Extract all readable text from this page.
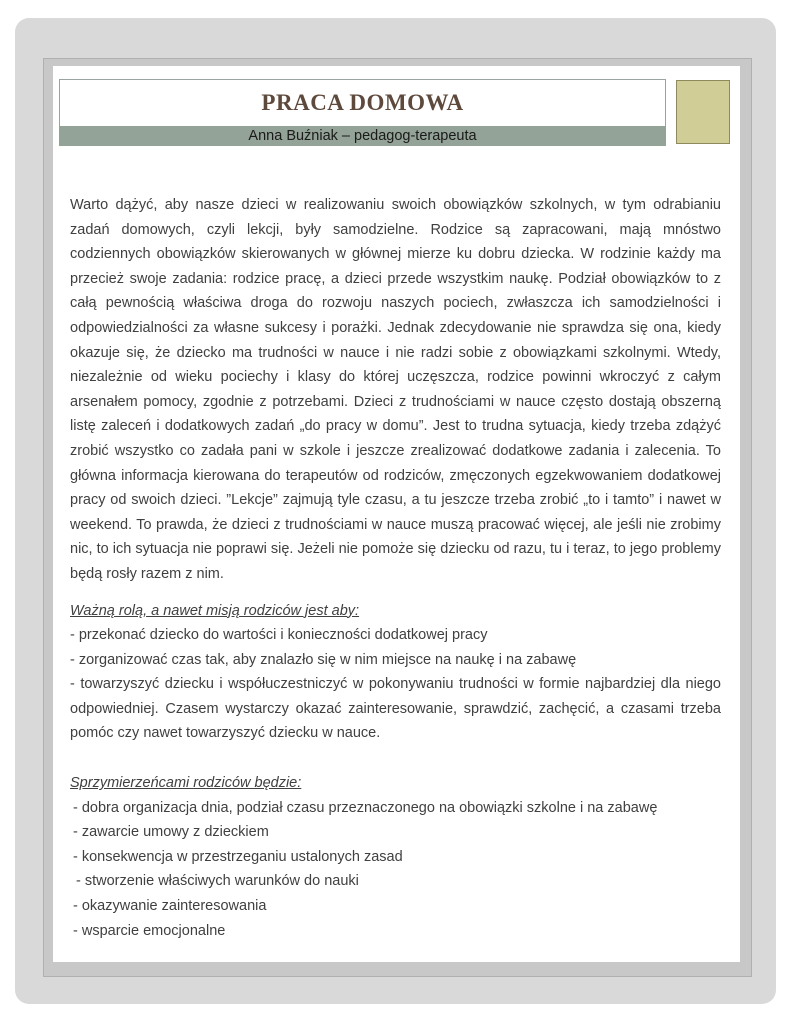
PRACA DOMOWA
Anna Buźniak – pedagog-terapeuta

Warto dążyć, aby nasze dzieci w realizowaniu swoich obowiązków szkolnych, w tym odrabianiu zadań domowych, czyli lekcji, były samodzielne. Rodzice są zapracowani, mają mnóstwo codziennych obowiązków skierowanych w głównej mierze ku dobru dziecka. W rodzinie każdy ma przecież swoje zadania: rodzice pracę, a dzieci przede wszystkim naukę. Podział obowiązków to z całą pewnością właściwa droga do rozwoju naszych pociech, zwłaszcza ich samodzielności i odpowiedzialności za własne sukcesy i porażki. Jednak zdecydowanie nie sprawdza się ona, kiedy okazuje się, że dziecko ma trudności w nauce i nie radzi sobie z obowiązkami szkolnymi. Wtedy, niezależnie od wieku pociechy i klasy do której uczęszcza, rodzice powinni wkroczyć z całym arsenałem pomocy, zgodnie z potrzebami. Dzieci z trudnościami w nauce często dostają obszerną listę zaleceń i dodatkowych zadań „do pracy w domu”. Jest to trudna sytuacja, kiedy trzeba zdążyć zrobić wszystko co zadała pani w szkole i jeszcze zrealizować dodatkowe zadania i zalecenia. To główna informacja kierowana do terapeutów od rodziców, zmęczonych egzekwowaniem dodatkowej pracy od swoich dzieci. ”Lekcje” zajmują tyle czasu, a tu jeszcze trzeba zrobić „to i tamto” i nawet w weekend. To prawda, że dzieci z trudnościami w nauce muszą pracować więcej, ale jeśli nie zrobimy nic, to ich sytuacja nie poprawi się. Jeżeli nie pomoże się dziecku od razu, tu i teraz, to jego problemy będą rosły razem z nim.

Ważną rolą, a nawet misją rodziców jest aby:

- przekonać dziecko do wartości i konieczności dodatkowej pracy

- zorganizować czas tak, aby znalazło się w nim miejsce na naukę i na zabawę

- towarzyszyć dziecku i współuczestniczyć w pokonywaniu trudności w formie najbardziej dla niego odpowiedniej. Czasem wystarczy okazać zainteresowanie, sprawdzić, zachęcić, a czasami trzeba pomóc czy nawet towarzyszyć dziecku w nauce.

Sprzymierzeńcami rodziców będzie:

- dobra organizacja dnia, podział czasu przeznaczonego na obowiązki szkolne i na zabawę

- zawarcie umowy z dzieckiem

- konsekwencja w przestrzeganiu ustalonych zasad

- stworzenie właściwych warunków do nauki

- okazywanie zainteresowania

- wsparcie emocjonalne
